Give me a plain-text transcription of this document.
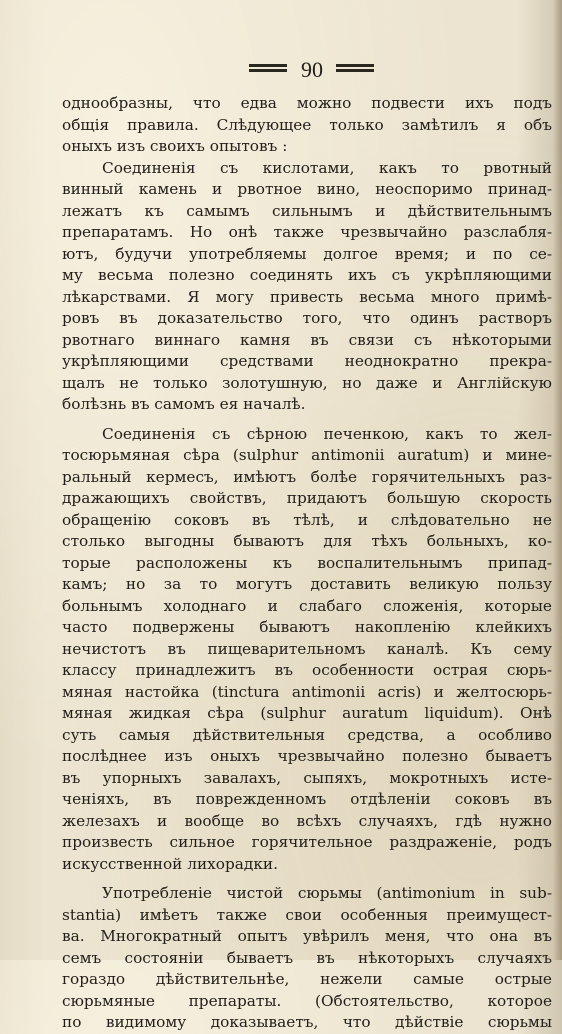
90
однообразны, что едва можно подвести ихъ подъ
общія правила. Слѣдующее только замѣтилъ я объ
оныхъ изъ своихъ опытовъ :
Соединенія съ кислотами, какъ то рвотный
винный камень и рвотное вино, неоспоримо принад-
лежатъ къ самымъ сильнымъ и дѣйствительнымъ
препаратамъ. Но онѣ также чрезвычайно разслабля-
ютъ, будучи употребляемы долгое время; и по се-
му весьма полезно соединять ихъ съ укрѣпляющими
лѣкарствами. Я могу привесть весьма много примѣ-
ровъ въ доказательство того, что одинъ растворъ
рвотнаго виннаго камня въ связи съ нѣкоторыми
укрѣпляющими средствами неоднократно прекра-
щалъ не только золотушную, но даже и Англійскую
болѣзнь въ самомъ ея началѣ.
Соединенія съ сѣрною печенкою, какъ то жел-
тосюрьмяная сѣра (sulphur antimonii auratum) и мине-
ральный кермесъ, имѣютъ болѣе горячительныхъ раз-
дражающихъ свойствъ, придаютъ большую скорость
обращенію соковъ въ тѣлѣ, и слѣдовательно не
столько выгодны бываютъ для тѣхъ больныхъ, ко-
торые расположены къ воспалительнымъ припад-
камъ; но за то могутъ доставить великую пользу
больнымъ холоднаго и слабаго сложенія, которые
часто подвержены бываютъ накопленію клейкихъ
нечистотъ въ пищеварительномъ каналѣ. Къ сему
классу принадлежитъ въ особенности острая сюрь-
мяная настойка (tinctura antimonii acris) и желтосюрь-
мяная жидкая сѣра (sulphur auratum liquidum). Онѣ
суть самыя дѣйствительныя средства, а особливо
послѣднее изъ оныхъ чрезвычайно полезно бываетъ
въ упорныхъ завалахъ, сыпяхъ, мокротныхъ исте-
ченіяхъ, въ поврежденномъ отдѣленіи соковъ въ
железахъ и вообще во всѣхъ случаяхъ, гдѣ нужно
произвесть сильное горячительное раздраженіе, родъ
искусственной лихорадки.
Употребленіе чистой сюрьмы (antimonium in sub-
stantia) имѣетъ также свои особенныя преимущест-
ва. Многократный опытъ увѣрилъ меня, что она въ
семъ состояніи бываетъ въ нѣкоторыхъ случаяхъ
гораздо дѣйствительнѣе, нежели самые острые
сюрьмяные препараты. (Обстоятельство, которое
по видимому доказываетъ, что дѣйствіе сюрьмы
